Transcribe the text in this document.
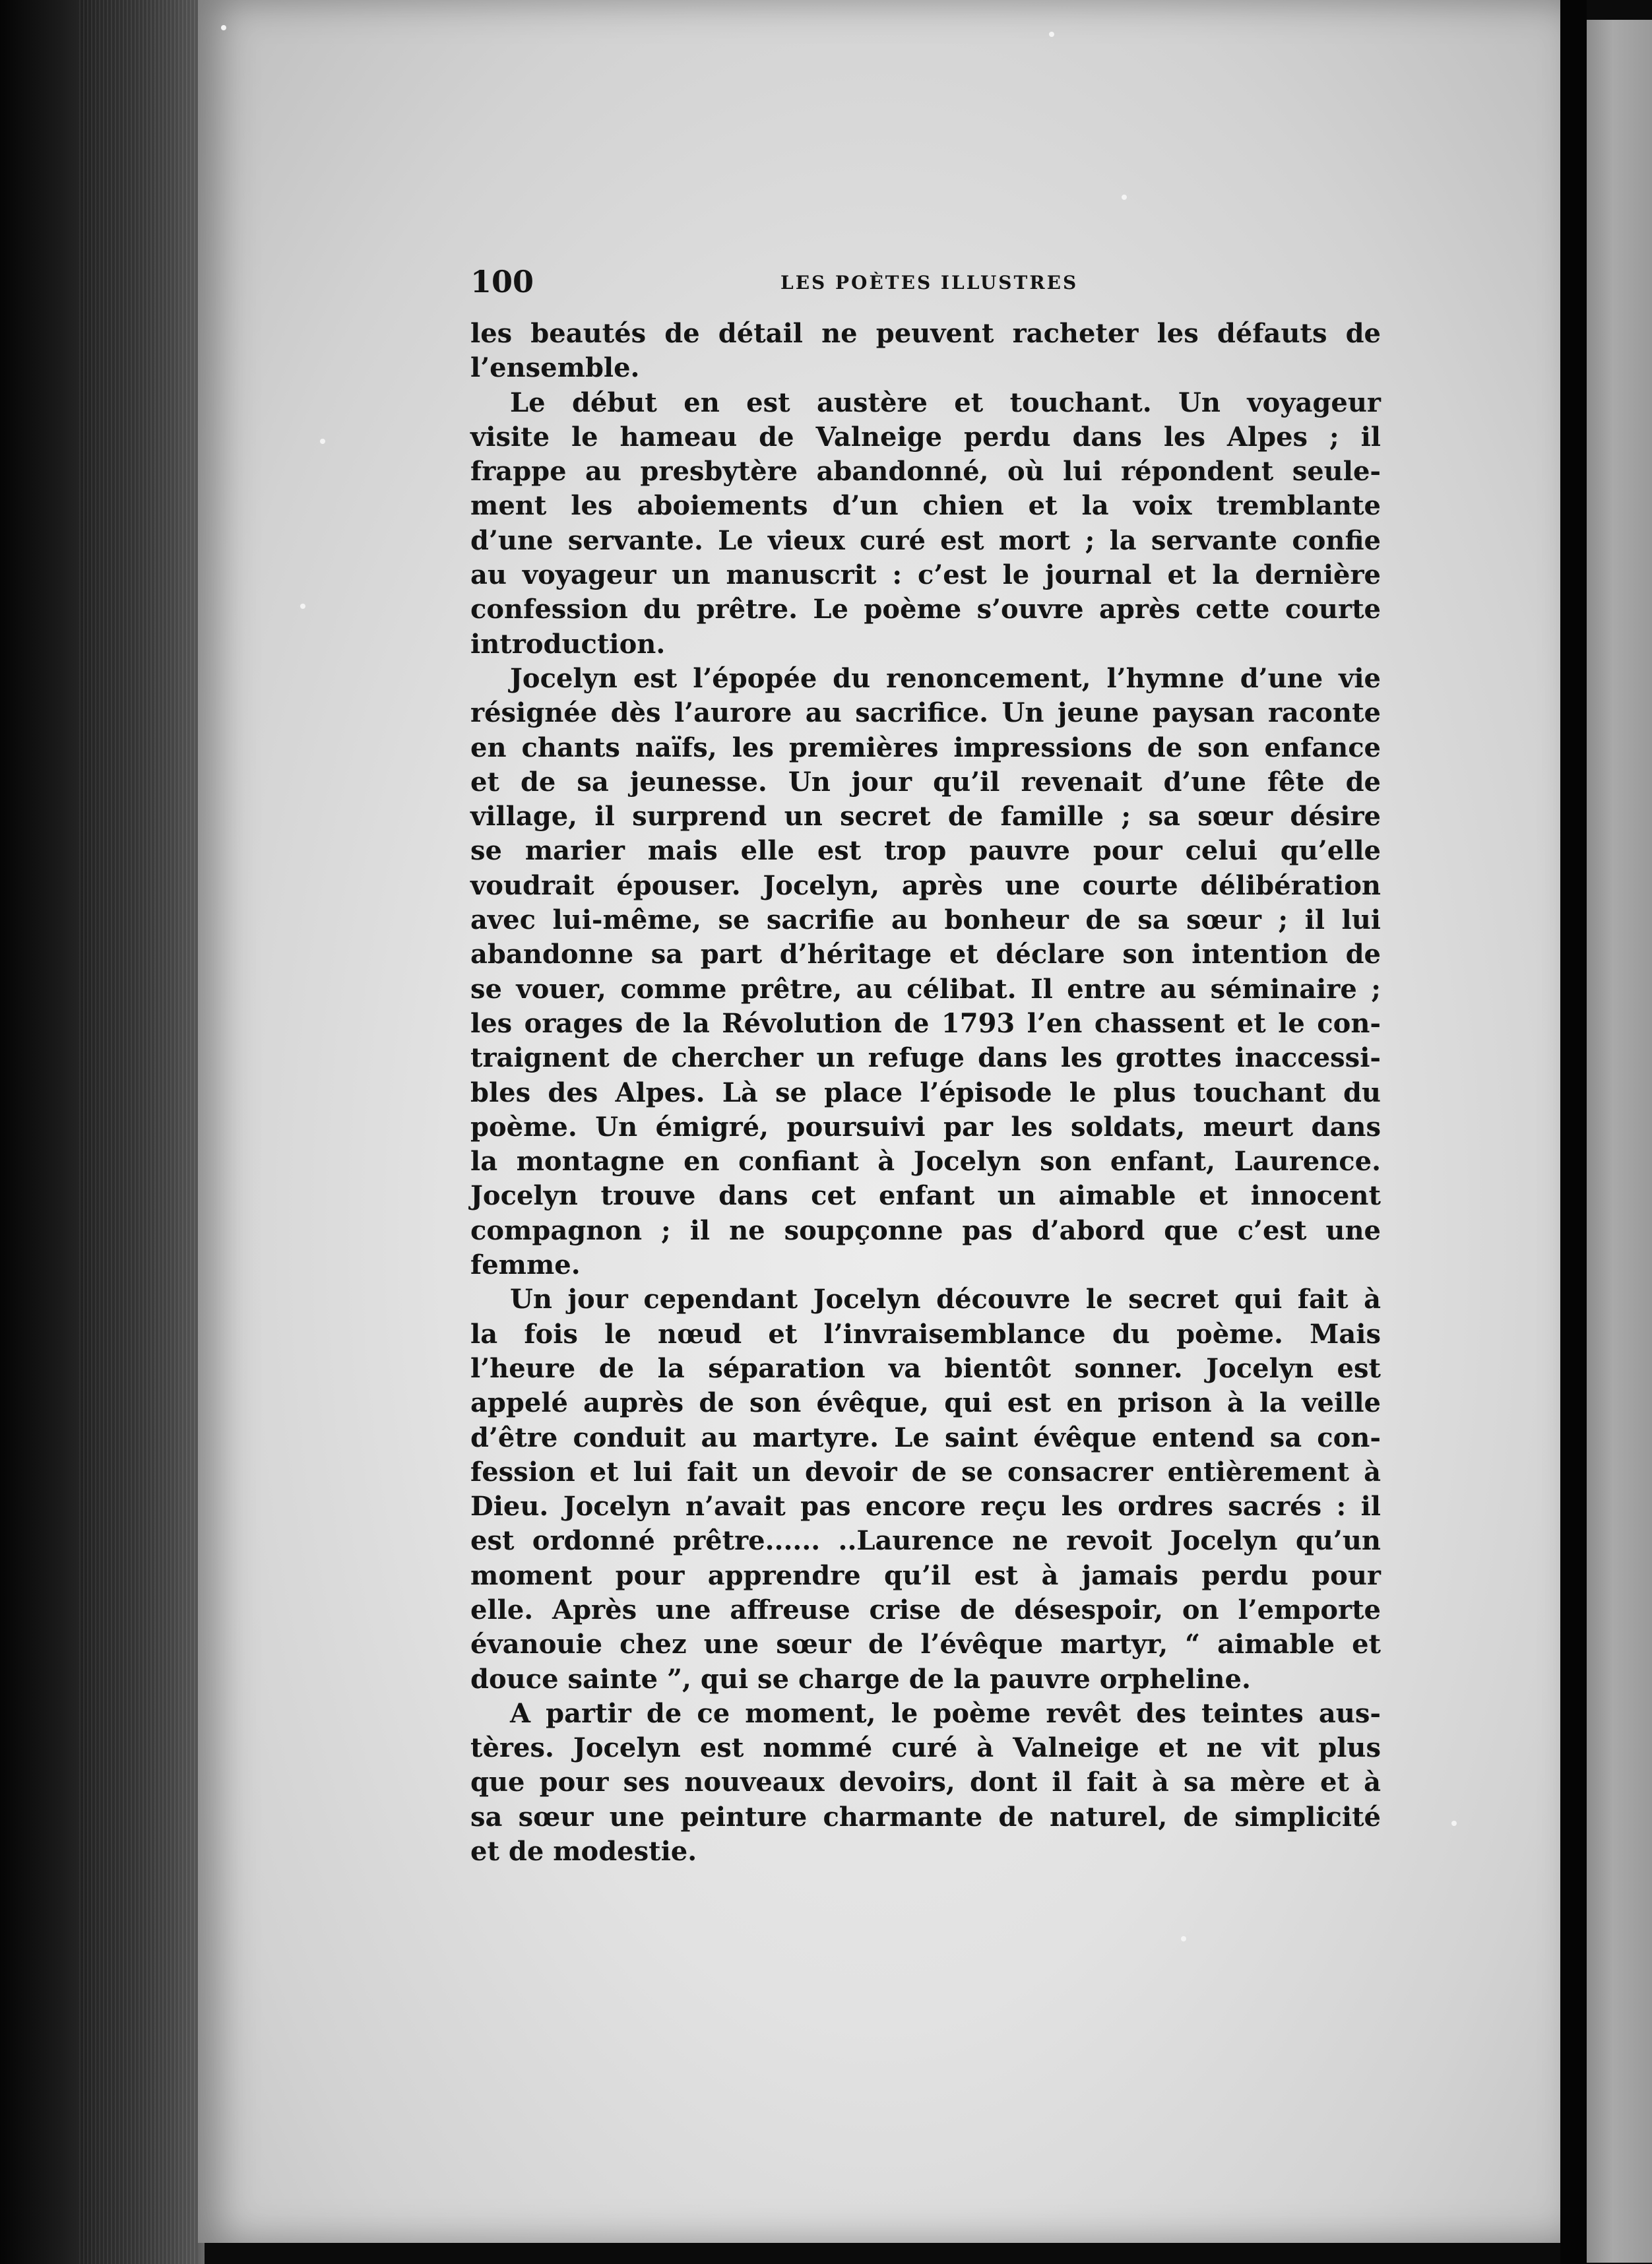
100	LES POÈTES ILLUSTRES
les beautés de détail ne peuvent racheter les défauts de
l’ensemble.
Le début en est austère et touchant. Un voyageur
visite le hameau de Valneige perdu dans les Alpes ; il
frappe au presbytère abandonné, où lui répondent seule-
ment les aboiements d’un chien et la voix tremblante
d’une servante. Le vieux curé est mort ; la servante confie
au voyageur un manuscrit : c’est le journal et la dernière
confession du prêtre. Le poème s’ouvre après cette courte
introduction.
Jocelyn est l’épopée du renoncement, l’hymne d’une vie
résignée dès l’aurore au sacrifice. Un jeune paysan raconte
en chants naïfs, les premières impressions de son enfance
et de sa jeunesse. Un jour qu’il revenait d’une fête de
village, il surprend un secret de famille ; sa sœur désire
se marier mais elle est trop pauvre pour celui qu’elle
voudrait épouser. Jocelyn, après une courte délibération
avec lui-même, se sacrifie au bonheur de sa sœur ; il lui
abandonne sa part d’héritage et déclare son intention de
se vouer, comme prêtre, au célibat. Il entre au séminaire ;
les orages de la Révolution de 1793 l’en chassent et le con-
traignent de chercher un refuge dans les grottes inaccessi-
bles des Alpes. Là se place l’épisode le plus touchant du
poème. Un émigré, poursuivi par les soldats, meurt dans
la montagne en confiant à Jocelyn son enfant, Laurence.
Jocelyn trouve dans cet enfant un aimable et innocent
compagnon ; il ne soupçonne pas d’abord que c’est une
femme.
Un jour cependant Jocelyn découvre le secret qui fait à
la fois le nœud et l’invraisemblance du poème. Mais
l’heure de la séparation va bientôt sonner. Jocelyn est
appelé auprès de son évêque, qui est en prison à la veille
d’être conduit au martyre. Le saint évêque entend sa con-
fession et lui fait un devoir de se consacrer entièrement à
Dieu. Jocelyn n’avait pas encore reçu les ordres sacrés : il
est ordonné prêtre...... ..Laurence ne revoit Jocelyn qu’un
moment pour apprendre qu’il est à jamais perdu pour
elle. Après une affreuse crise de désespoir, on l’emporte
évanouie chez une sœur de l’évêque martyr, “ aimable et
douce sainte ”, qui se charge de la pauvre orpheline.
A partir de ce moment, le poème revêt des teintes aus-
tères. Jocelyn est nommé curé à Valneige et ne vit plus
que pour ses nouveaux devoirs, dont il fait à sa mère et à
sa sœur une peinture charmante de naturel, de simplicité
et de modestie.
